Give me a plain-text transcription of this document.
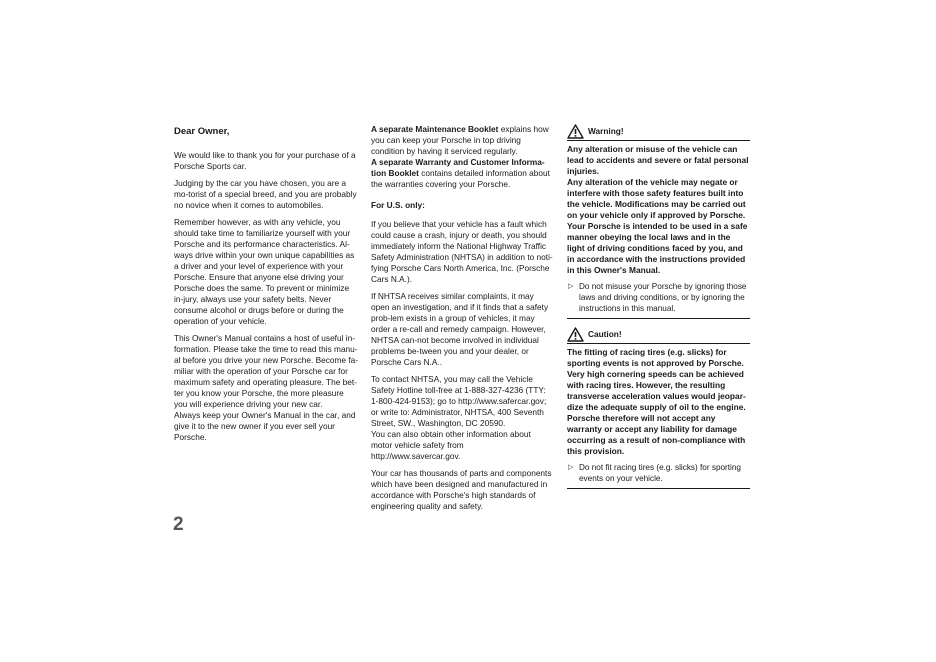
Dear Owner,

We would like to thank you for your purchase of a Porsche Sports car.

Judging by the car you have chosen, you are a mo-torist of a special breed, and you are probably no novice when it comes to automobiles.

Remember however, as with any vehicle, you should take time to familiarize yourself with your Porsche and its performance characteristics. Al-ways drive within your own unique capabilities as a driver and your level of experience with your Porsche. Ensure that anyone else driving your Porsche does the same. To prevent or minimize in-jury, always use your safety belts. Never consume alcohol or drugs before or during the operation of your vehicle.

This Owner's Manual contains a host of useful in-formation. Please take the time to read this manu-al before you drive your new Porsche. Become fa-miliar with the operation of your Porsche car for maximum safety and operating pleasure. The bet-ter you know your Porsche, the more pleasure you will experience driving your new car.

Always keep your Owner's Manual in the car, and give it to the new owner if you ever sell your Porsche.

A separate Maintenance Booklet explains how you can keep your Porsche in top driving condition by having it serviced regularly.

A separate Warranty and Customer Informa-tion Booklet contains detailed information about the warranties covering your Porsche.

For U.S. only:

If you believe that your vehicle has a fault which could cause a crash, injury or death, you should immediately inform the National Highway Traffic Safety Administration (NHTSA) in addition to noti-fying Porsche Cars North America, Inc. (Porsche Cars N.A.).

If NHTSA receives similar complaints, it may open an investigation, and if it finds that a safety prob-lem exists in a group of vehicles, it may order a re-call and remedy campaign. However, NHTSA can-not become involved in individual problems be-tween you and your dealer, or Porsche Cars N.A..

To contact NHTSA, you may call the Vehicle Safety Hotline toll-free at 1-888-327-4236 (TTY: 1-800-424-9153); go to http://www.safercar.gov; or write to: Administrator, NHTSA, 400 Seventh Street, SW., Washington, DC 20590.

You can also obtain other information about motor vehicle safety from http://www.savercar.gov.

Your car has thousands of parts and components which have been designed and manufactured in accordance with Porsche's high standards of engineering quality and safety.

Warning!
Any alteration or misuse of the vehicle can lead to accidents and severe or fatal personal injuries.
Any alteration of the vehicle may negate or interfere with those safety features built into the vehicle. Modifications may be carried out on your vehicle only if approved by Porsche. Your Porsche is intended to be used in a safe manner obeying the local laws and in the light of driving conditions faced by you, and in accordance with the instructions provided in this Owner's Manual.
▷ Do not misuse your Porsche by ignoring those laws and driving conditions, or by ignoring the instructions in this manual.
Caution!
The fitting of racing tires (e.g. slicks) for sporting events is not approved by Porsche. Very high cornering speeds can be achieved with racing tires. However, the resulting transverse acceleration values would jeopar-dize the adequate supply of oil to the engine. Porsche therefore will not accept any warranty or accept any liability for damage occurring as a result of non-compliance with this provision.
▷ Do not fit racing tires (e.g. slicks) for sporting events on your vehicle.
2
